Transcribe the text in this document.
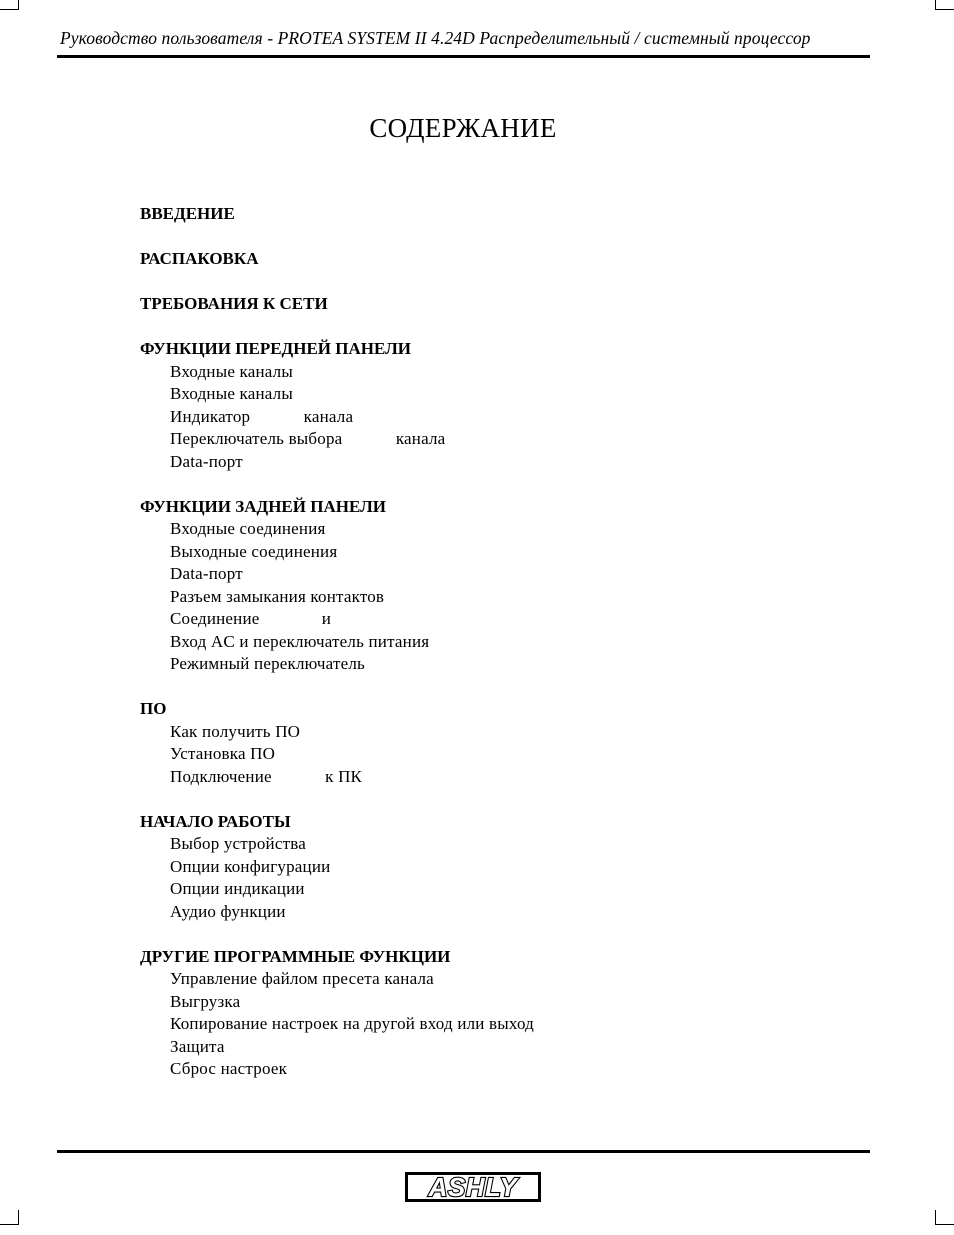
Руководство пользователя - PROTEA SYSTEM II 4.24D Распределительный / системный процессор
СОДЕРЖАНИЕ
ВВЕДЕНИЕ
РАСПАКОВКА
ТРЕБОВАНИЯ К СЕТИ
ФУНКЦИИ ПЕРЕДНЕЙ ПАНЕЛИ
Входные каналы
Входные каналы
Индикатор            канала
Переключатель выбора            канала
Data-порт
ФУНКЦИИ ЗАДНЕЙ ПАНЕЛИ
Входные соединения
Выходные соединения
Data-порт
Разъем замыкания контактов
Соединение              и
Вход AC и переключатель питания
Режимный переключатель
ПО
Как получить ПО
Установка ПО
Подключение            к ПК
НАЧАЛО РАБОТЫ
Выбор устройства
Опции конфигурации
Опции индикации
Аудио функции
ДРУГИЕ ПРОГРАММНЫЕ ФУНКЦИИ
Управление файлом пресета канала
Выгрузка
Копирование настроек на другой вход или выход
Защита
Сброс настроек
ASHLY
